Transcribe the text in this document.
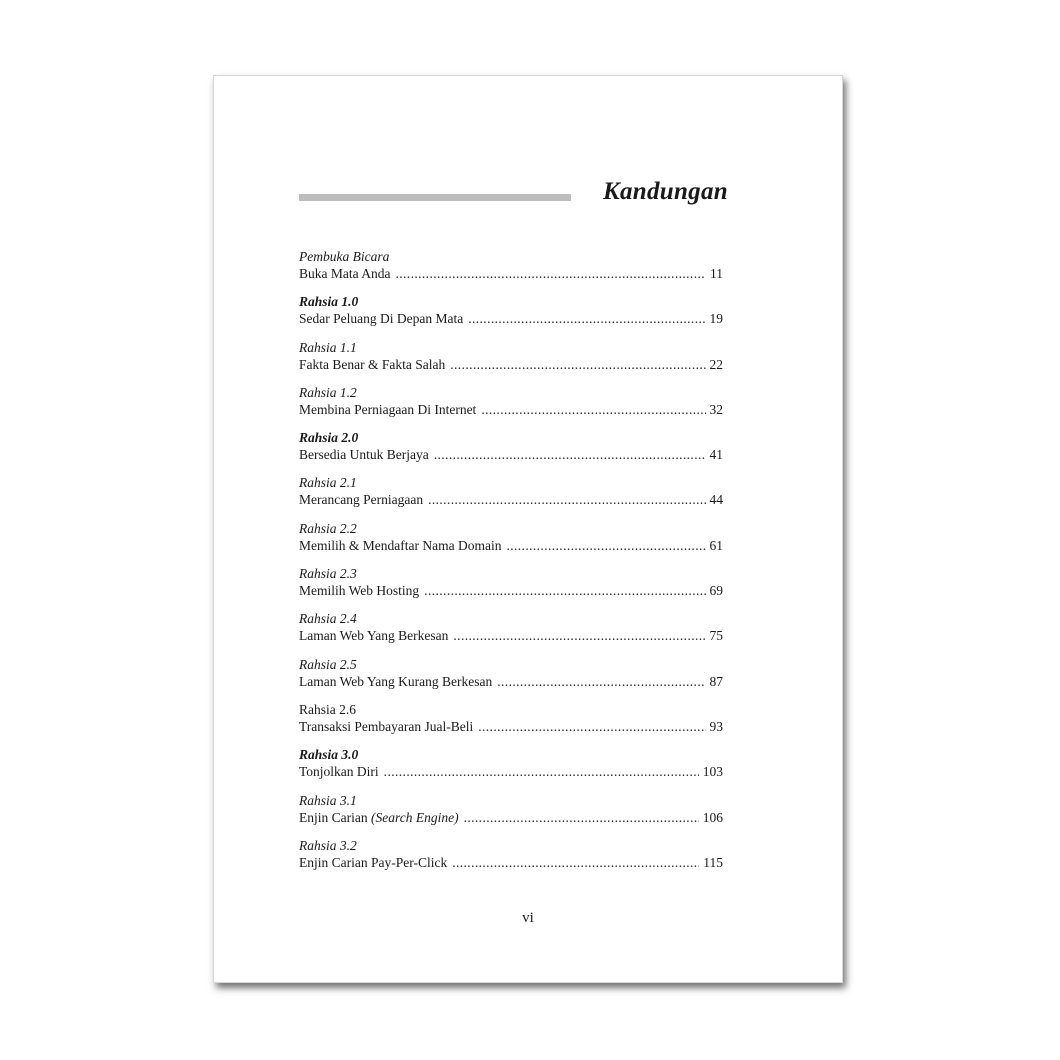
Kandungan
Pembuka Bicara
Buka Mata Anda .....	11
Rahsia 1.0
Sedar Peluang Di Depan Mata .....	19
Rahsia 1.1
Fakta Benar & Fakta Salah .....	22
Rahsia 1.2
Membina Perniagaan Di Internet .....	32
Rahsia 2.0
Bersedia Untuk Berjaya .....	41
Rahsia 2.1
Merancang Perniagaan .....	44
Rahsia 2.2
Memilih & Mendaftar Nama Domain .....	61
Rahsia 2.3
Memilih Web Hosting .....	69
Rahsia 2.4
Laman Web Yang Berkesan .....	75
Rahsia 2.5
Laman Web Yang Kurang Berkesan .....	87
Rahsia 2.6
Transaksi Pembayaran Jual-Beli .....	93
Rahsia 3.0
Tonjolkan Diri .....	103
Rahsia 3.1
Enjin Carian (Search Engine) .....	106
Rahsia 3.2
Enjin Carian Pay-Per-Click .....	115
vi
